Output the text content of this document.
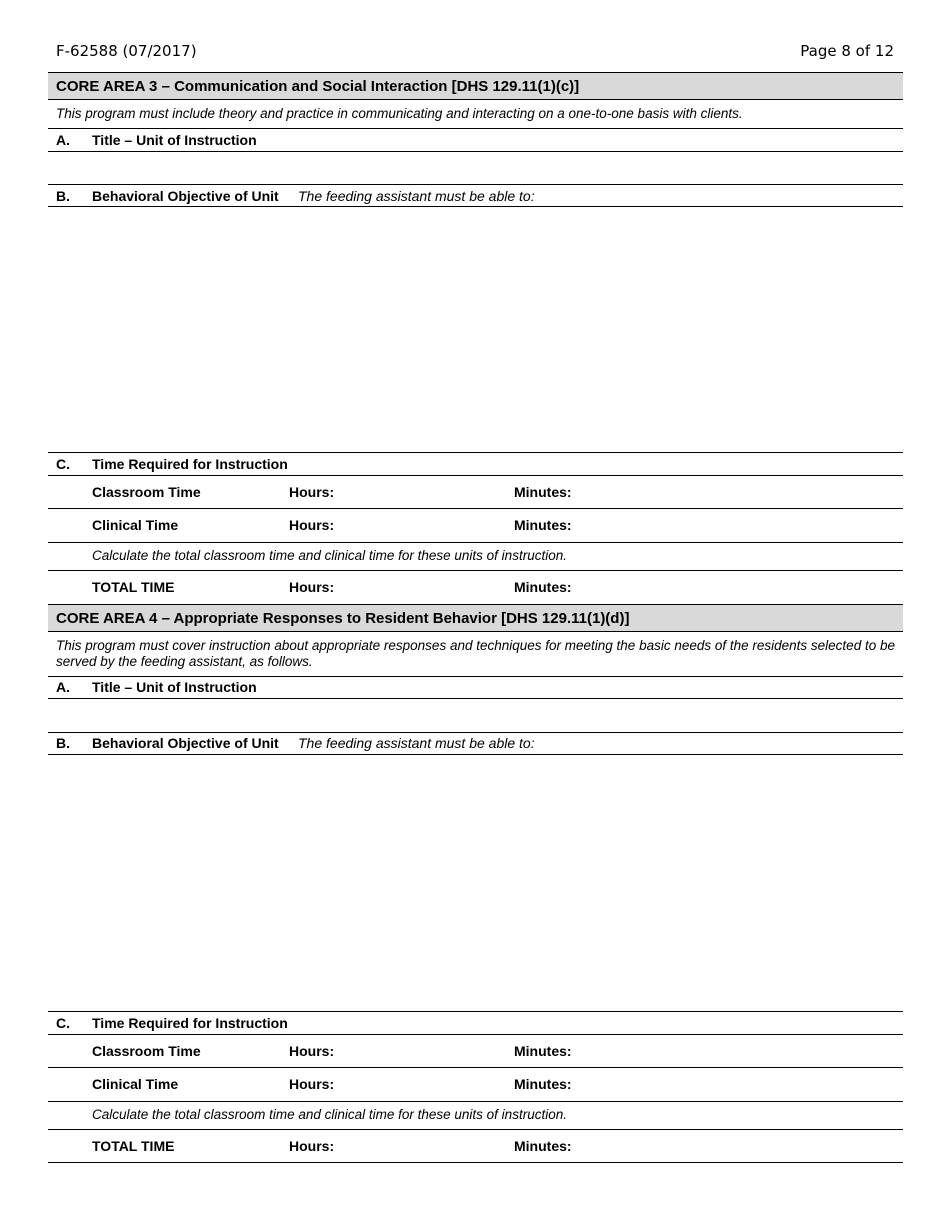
F-62588 (07/2017)	Page 8 of 12
CORE AREA 3 – Communication and Social Interaction [DHS 129.11(1)(c)]
This program must include theory and practice in communicating and interacting on a one-to-one basis with clients.
A. Title – Unit of Instruction
B. Behavioral Objective of Unit The feeding assistant must be able to:
C. Time Required for Instruction
Classroom Time	Hours:	Minutes:
Clinical Time	Hours:	Minutes:
Calculate the total classroom time and clinical time for these units of instruction.
TOTAL TIME	Hours:	Minutes:
CORE AREA 4 – Appropriate Responses to Resident Behavior [DHS 129.11(1)(d)]
This program must cover instruction about appropriate responses and techniques for meeting the basic needs of the residents selected to be served by the feeding assistant, as follows.
A. Title – Unit of Instruction
B. Behavioral Objective of Unit The feeding assistant must be able to:
C. Time Required for Instruction
Classroom Time	Hours:	Minutes:
Clinical Time	Hours:	Minutes:
Calculate the total classroom time and clinical time for these units of instruction.
TOTAL TIME	Hours:	Minutes:
